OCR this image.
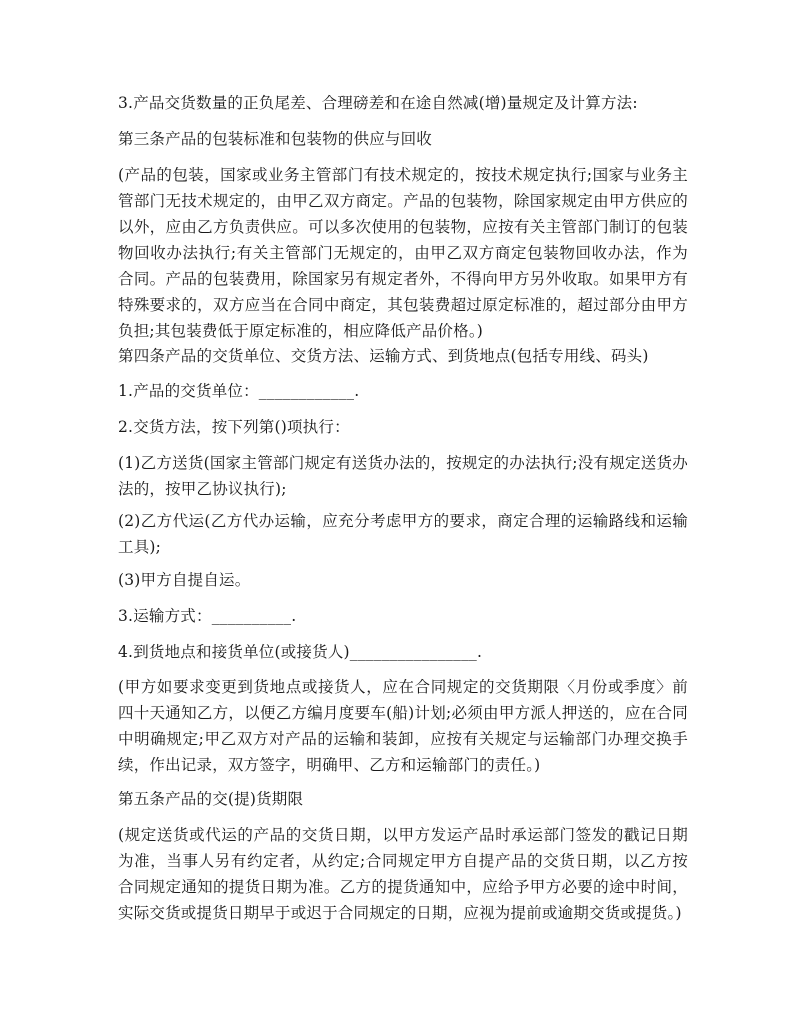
3.产品交货数量的正负尾差、合理磅差和在途自然减(增)量规定及计算方法:

第三条产品的包装标准和包装物的供应与回收

(产品的包装，国家或业务主管部门有技术规定的，按技术规定执行;国家与业务主管部门无技术规定的，由甲乙双方商定。产品的包装物，除国家规定由甲方供应的以外，应由乙方负责供应。可以多次使用的包装物，应按有关主管部门制订的包装物回收办法执行;有关主管部门无规定的，由甲乙双方商定包装物回收办法，作为合同。产品的包装费用，除国家另有规定者外，不得向甲方另外收取。如果甲方有特殊要求的，双方应当在合同中商定，其包装费超过原定标准的，超过部分由甲方负担;其包装费低于原定标准的，相应降低产品价格。)

第四条产品的交货单位、交货方法、运输方式、到货地点(包括专用线、码头)

1.产品的交货单位：____________.

2.交货方法，按下列第()项执行：

(1)乙方送货(国家主管部门规定有送货办法的，按规定的办法执行;没有规定送货办法的，按甲乙协议执行);

(2)乙方代运(乙方代办运输，应充分考虑甲方的要求，商定合理的运输路线和运输工具);

(3)甲方自提自运。

3.运输方式：__________.

4.到货地点和接货单位(或接货人)________________.

(甲方如要求变更到货地点或接货人，应在合同规定的交货期限〈月份或季度〉前四十天通知乙方，以便乙方编月度要车(船)计划;必须由甲方派人押送的，应在合同中明确规定;甲乙双方对产品的运输和装卸，应按有关规定与运输部门办理交换手续，作出记录，双方签字，明确甲、乙方和运输部门的责任。)

第五条产品的交(提)货期限

(规定送货或代运的产品的交货日期，以甲方发运产品时承运部门签发的戳记日期为准，当事人另有约定者，从约定;合同规定甲方自提产品的交货日期，以乙方按合同规定通知的提货日期为准。乙方的提货通知中，应给予甲方必要的途中时间，实际交货或提货日期早于或迟于合同规定的日期，应视为提前或逾期交货或提货。)
